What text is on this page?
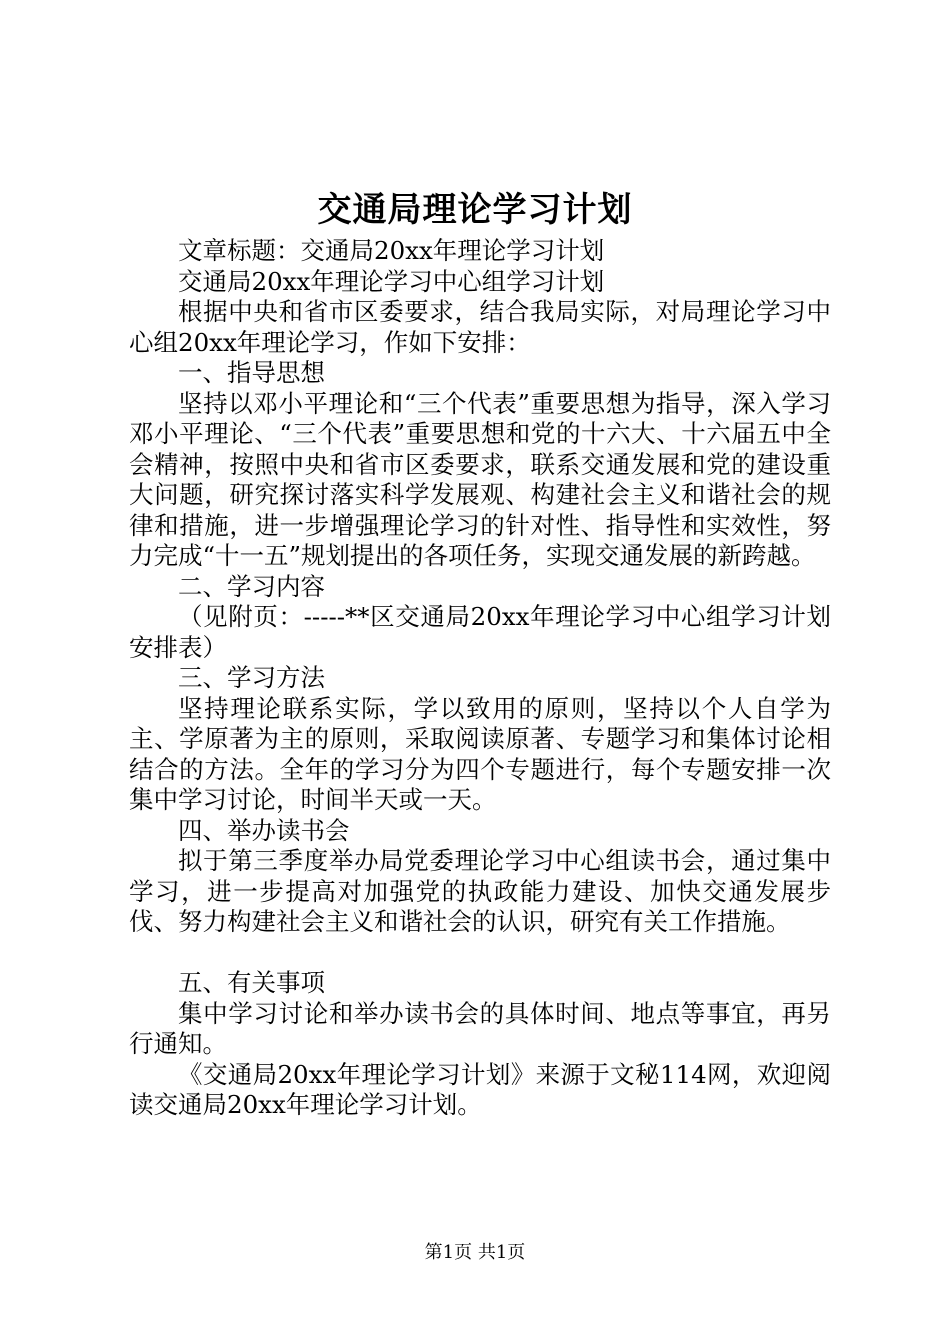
交通局理论学习计划

文章标题：交通局20xx年理论学习计划

交通局20xx年理论学习中心组学习计划

根据中央和省市区委要求，结合我局实际，对局理论学习中心组20xx年理论学习，作如下安排：

一、指导思想

坚持以邓小平理论和“三个代表”重要思想为指导，深入学习邓小平理论、“三个代表”重要思想和党的十六大、十六届五中全会精神，按照中央和省市区委要求，联系交通发展和党的建设重大问题，研究探讨落实科学发展观、构建社会主义和谐社会的规律和措施，进一步增强理论学习的针对性、指导性和实效性，努力完成“十一五”规划提出的各项任务，实现交通发展的新跨越。

二、学习内容

（见附页：-----**区交通局20xx年理论学习中心组学习计划安排表）

三、学习方法

坚持理论联系实际，学以致用的原则，坚持以个人自学为主、学原著为主的原则，采取阅读原著、专题学习和集体讨论相结合的方法。全年的学习分为四个专题进行，每个专题安排一次集中学习讨论，时间半天或一天。

四、举办读书会

拟于第三季度举办局党委理论学习中心组读书会，通过集中学习，进一步提高对加强党的执政能力建设、加快交通发展步伐、努力构建社会主义和谐社会的认识，研究有关工作措施。

五、有关事项

集中学习讨论和举办读书会的具体时间、地点等事宜，再另行通知。

《交通局20xx年理论学习计划》来源于文秘114网，欢迎阅读交通局20xx年理论学习计划。

第1页 共1页
